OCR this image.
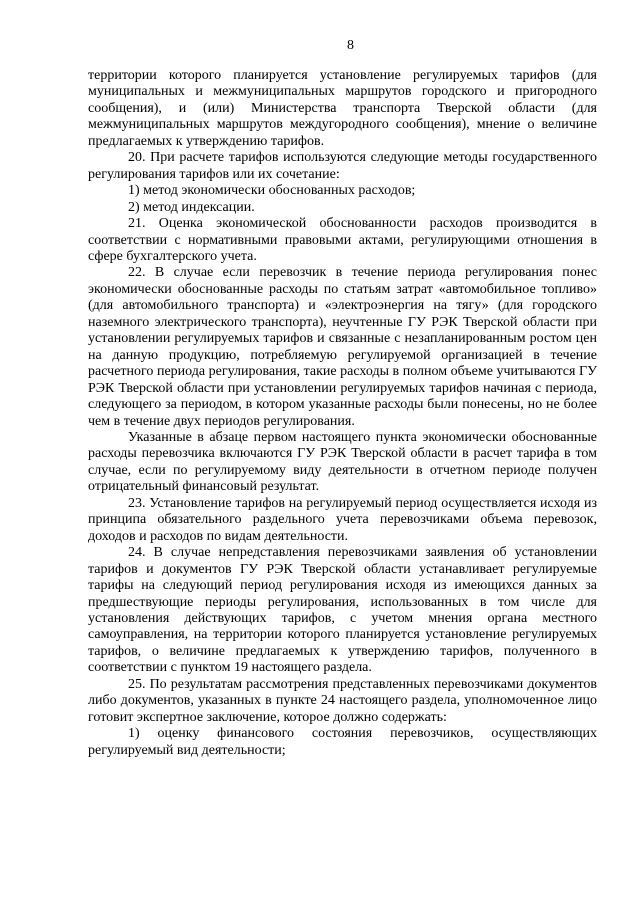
8

территории которого планируется установление регулируемых тарифов (для муниципальных и межмуниципальных маршрутов городского и пригородного сообщения), и (или) Министерства транспорта Тверской области (для межмуниципальных маршрутов междугородного сообщения), мнение о величине предлагаемых к утверждению тарифов.

20. При расчете тарифов используются следующие методы государственного регулирования тарифов или их сочетание:

1) метод экономически обоснованных расходов;

2) метод индексации.

21. Оценка экономической обоснованности расходов производится в соответствии с нормативными правовыми актами, регулирующими отношения в сфере бухгалтерского учета.

22. В случае если перевозчик в течение периода регулирования понес экономически обоснованные расходы по статьям затрат «автомобильное топливо» (для автомобильного транспорта) и «электроэнергия на тягу» (для городского наземного электрического транспорта), неучтенные ГУ РЭК Тверской области при установлении регулируемых тарифов и связанные с незапланированным ростом цен на данную продукцию, потребляемую регулируемой организацией в течение расчетного периода регулирования, такие расходы в полном объеме учитываются ГУ РЭК Тверской области при установлении регулируемых тарифов начиная с периода, следующего за периодом, в котором указанные расходы были понесены, но не более чем в течение двух периодов регулирования.

Указанные в абзаце первом настоящего пункта экономически обоснованные расходы перевозчика включаются ГУ РЭК Тверской области в расчет тарифа в том случае, если по регулируемому виду деятельности в отчетном периоде получен отрицательный финансовый результат.

23. Установление тарифов на регулируемый период осуществляется исходя из принципа обязательного раздельного учета перевозчиками объема перевозок, доходов и расходов по видам деятельности.

24. В случае непредставления перевозчиками заявления об установлении тарифов и документов ГУ РЭК Тверской области устанавливает регулируемые тарифы на следующий период регулирования исходя из имеющихся данных за предшествующие периоды регулирования, использованных в том числе для установления действующих тарифов, с учетом мнения органа местного самоуправления, на территории которого планируется установление регулируемых тарифов, о величине предлагаемых к утверждению тарифов, полученного в соответствии с пунктом 19 настоящего раздела.

25. По результатам рассмотрения представленных перевозчиками документов либо документов, указанных в пункте 24 настоящего раздела, уполномоченное лицо готовит экспертное заключение, которое должно содержать:

1) оценку финансового состояния перевозчиков, осуществляющих регулируемый вид деятельности;
